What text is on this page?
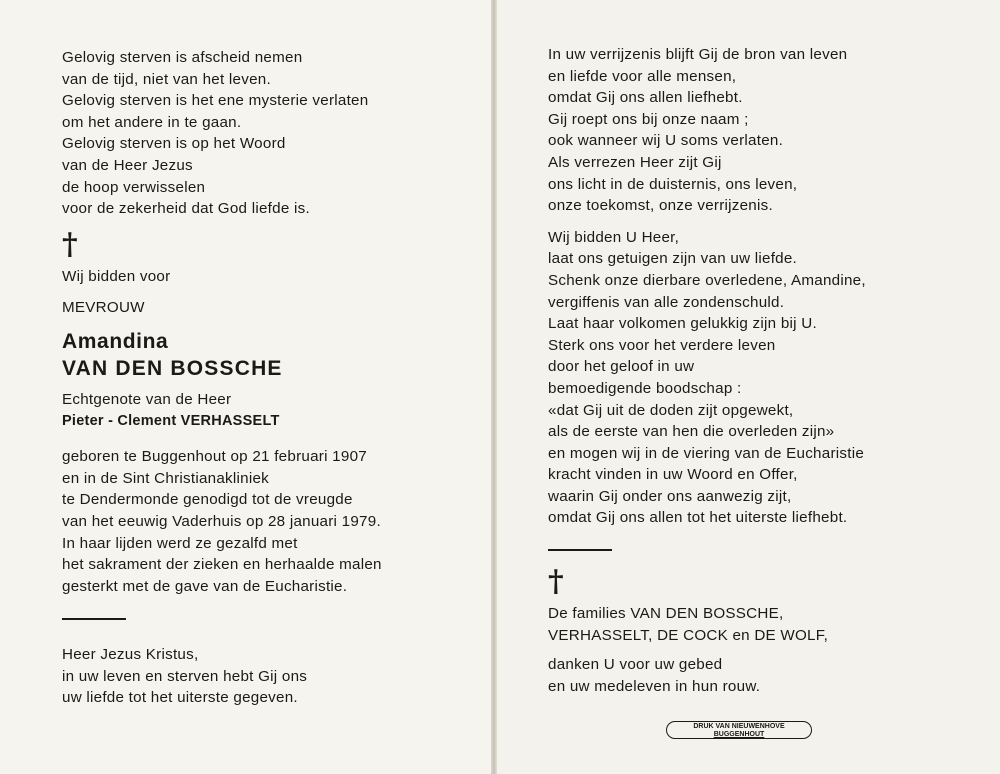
Gelovig sterven is afscheid nemen
van de tijd, niet van het leven.
Gelovig sterven is het ene mysterie verlaten
om het andere in te gaan.
Gelovig sterven is op het Woord
van de Heer Jezus
de hoop verwisselen
voor de zekerheid dat God liefde is.
†
Wij bidden voor
MEVROUW
Amandina
VAN DEN BOSSCHE
Echtgenote van de Heer
Pieter - Clement VERHASSELT
geboren te Buggenhout op 21 februari 1907
en in de Sint Christianakliniek
te Dendermonde genodigd tot de vreugde
van het eeuwig Vaderhuis op 28 januari 1979.
In haar lijden werd ze gezalfd met
het sakrament der zieken en herhaalde malen
gesterkt met de gave van de Eucharistie.
Heer Jezus Kristus,
in uw leven en sterven hebt Gij ons
uw liefde tot het uiterste gegeven.
In uw verrijzenis blijft Gij de bron van leven
en liefde voor alle mensen,
omdat Gij ons allen liefhebt.
Gij roept ons bij onze naam ;
ook wanneer wij U soms verlaten.
Als verrezen Heer zijt Gij
ons licht in de duisternis, ons leven,
onze toekomst, onze verrijzenis.
Wij bidden U Heer,
laat ons getuigen zijn van uw liefde.
Schenk onze dierbare overledene, Amandine,
vergiffenis van alle zondenschuld.
Laat haar volkomen gelukkig zijn bij U.
Sterk ons voor het verdere leven
door het geloof in uw
bemoedigende boodschap :
«dat Gij uit de doden zijt opgewekt,
als de eerste van hen die overleden zijn»
en mogen wij in de viering van de Eucharistie
kracht vinden in uw Woord en Offer,
waarin Gij onder ons aanwezig zijt,
omdat Gij ons allen tot het uiterste liefhebt.
†
De families VAN DEN BOSSCHE,
VERHASSELT, DE COCK en DE WOLF,
danken U voor uw gebed
en uw medeleven in hun rouw.
DRUK VAN NIEUWENHOVE
BUGGENHOUT
